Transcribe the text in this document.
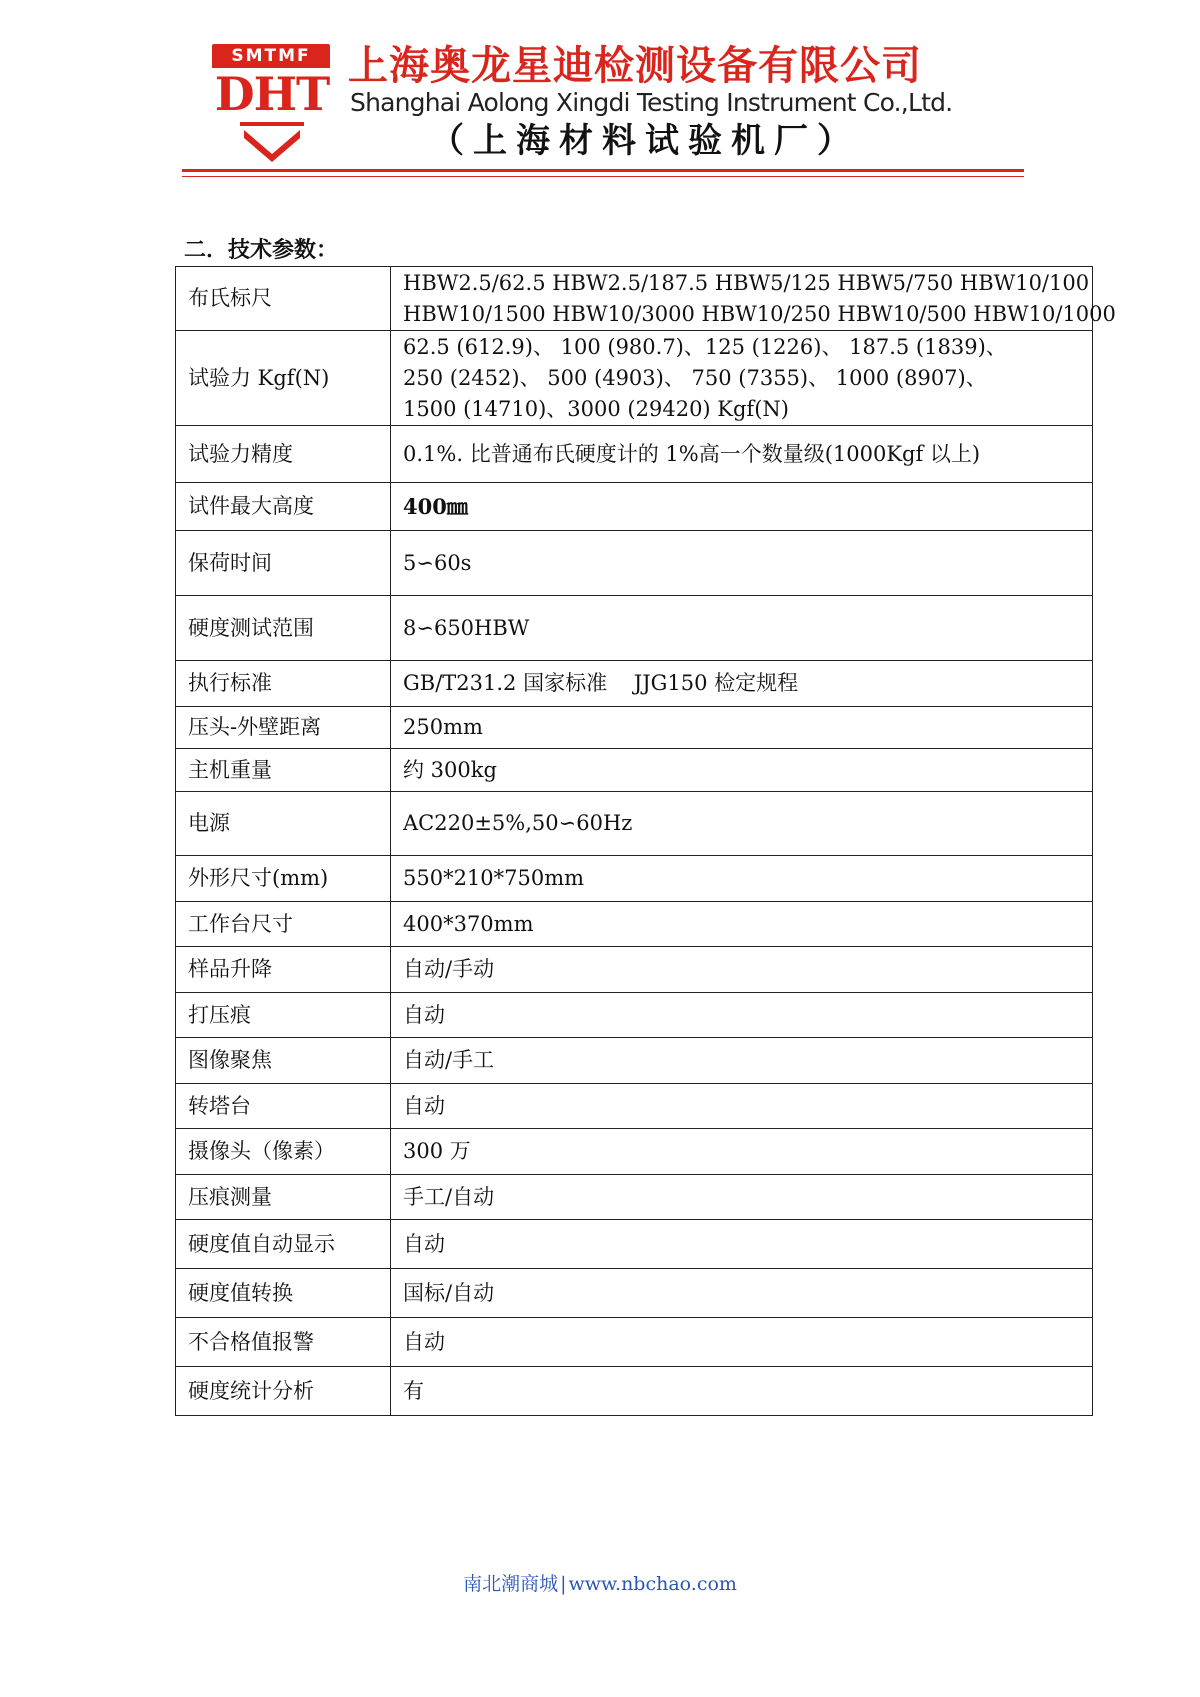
SMTMF
DHT
上海奥龙星迪检测设备有限公司
Shanghai Aolong Xingdi Testing Instrument Co.,Ltd.
（上海材料试验机厂）
二．技术参数：
布氏标尺	HBW2.5/62.5 HBW2.5/187.5 HBW5/125 HBW5/750 HBW10/100
HBW10/1500 HBW10/3000 HBW10/250 HBW10/500 HBW10/1000

试验力 Kgf(N)	62.5 (612.9)、 100 (980.7)、125 (1226)、 187.5 (1839)、
250 (2452)、 500 (4903)、 750 (7355)、 1000 (8907)、
1500 (14710)、3000 (29420) Kgf(N)

试验力精度	0.1%. 比普通布氏硬度计的 1%高一个数量级(1000Kgf 以上)
试件最大高度	400㎜
保荷时间	5∽60s
硬度测试范围	8∽650HBW
执行标准	GB/T231.2 国家标准    JJG150 检定规程
压头-外壁距离	250mm
主机重量	约 300kg
电源	AC220±5%,50∽60Hz
外形尺寸(mm)	550*210*750mm
工作台尺寸	400*370mm
样品升降	自动/手动
打压痕	自动
图像聚焦	自动/手工
转塔台	自动
摄像头（像素）	300 万
压痕测量	手工/自动
硬度值自动显示	自动
硬度值转换	国标/自动
不合格值报警	自动
硬度统计分析	有
南北潮商城 | www.nbchao.com
